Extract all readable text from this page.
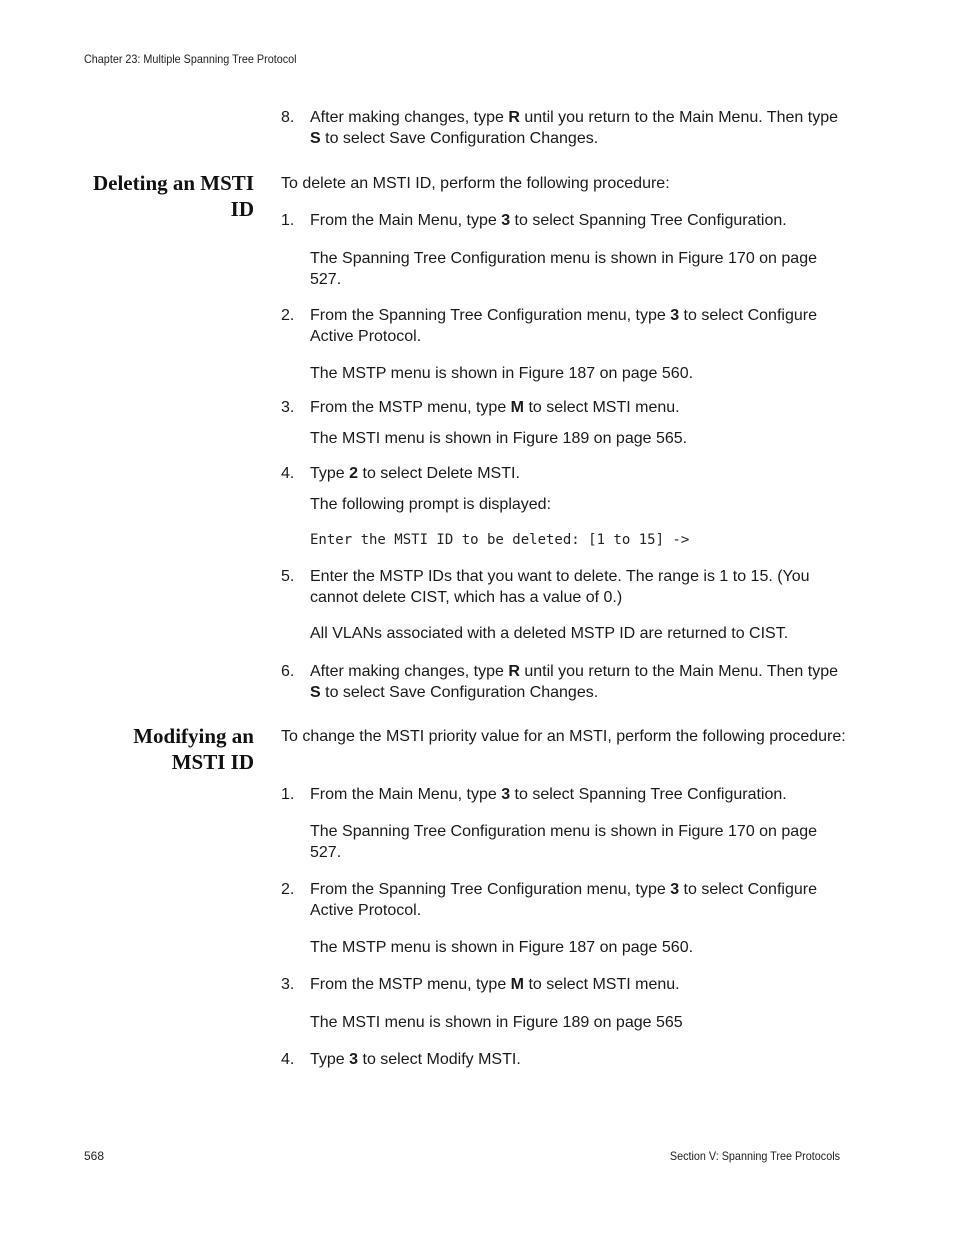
Chapter 23: Multiple Spanning Tree Protocol
8. After making changes, type R until you return to the Main Menu. Then type S to select Save Configuration Changes.
Deleting an MSTI
ID
To delete an MSTI ID, perform the following procedure:
1. From the Main Menu, type 3 to select Spanning Tree Configuration.
The Spanning Tree Configuration menu is shown in Figure 170 on page 527.
2. From the Spanning Tree Configuration menu, type 3 to select Configure Active Protocol.
The MSTP menu is shown in Figure 187 on page 560.
3. From the MSTP menu, type M to select MSTI menu.
The MSTI menu is shown in Figure 189 on page 565.
4. Type 2 to select Delete MSTI.
The following prompt is displayed:
Enter the MSTI ID to be deleted: [1 to 15] ->
5. Enter the MSTP IDs that you want to delete. The range is 1 to 15. (You cannot delete CIST, which has a value of 0.)
All VLANs associated with a deleted MSTP ID are returned to CIST.
6. After making changes, type R until you return to the Main Menu. Then type S to select Save Configuration Changes.
Modifying an
MSTI ID
To change the MSTI priority value for an MSTI, perform the following procedure:
1. From the Main Menu, type 3 to select Spanning Tree Configuration.
The Spanning Tree Configuration menu is shown in Figure 170 on page 527.
2. From the Spanning Tree Configuration menu, type 3 to select Configure Active Protocol.
The MSTP menu is shown in Figure 187 on page 560.
3. From the MSTP menu, type M to select MSTI menu.
The MSTI menu is shown in Figure 189 on page 565
4. Type 3 to select Modify MSTI.
568	Section V: Spanning Tree Protocols
